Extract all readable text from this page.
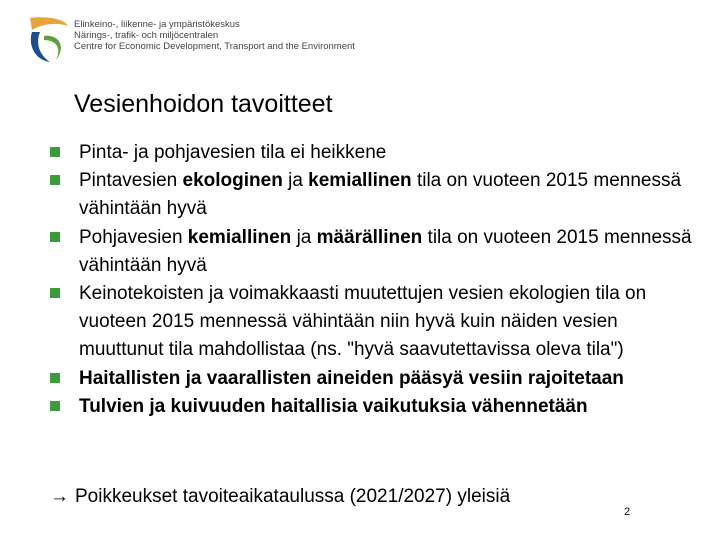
Elinkeino-, liikenne- ja ympäristökeskus
Närings-, trafik- och miljöcentralen
Centre for Economic Development, Transport and the Environment
Vesienhoidon tavoitteet
Pinta- ja pohjavesien tila ei heikkene
Pintavesien ekologinen ja kemiallinen tila on vuoteen 2015 mennessä vähintään hyvä
Pohjavesien kemiallinen ja määrällinen tila on vuoteen 2015 mennessä vähintään hyvä
Keinotekoisten ja voimakkaasti muutettujen vesien ekologien tila on vuoteen 2015 mennessä vähintään niin hyvä kuin näiden vesien muuttunut tila mahdollistaa (ns. "hyvä saavutettavissa oleva tila")
Haitallisten ja vaarallisten aineiden pääsyä vesiin rajoitetaan
Tulvien ja kuivuuden haitallisia vaikutuksia vähennetään
→ Poikkeukset tavoiteaikataulussa (2021/2027) yleisiä
2
